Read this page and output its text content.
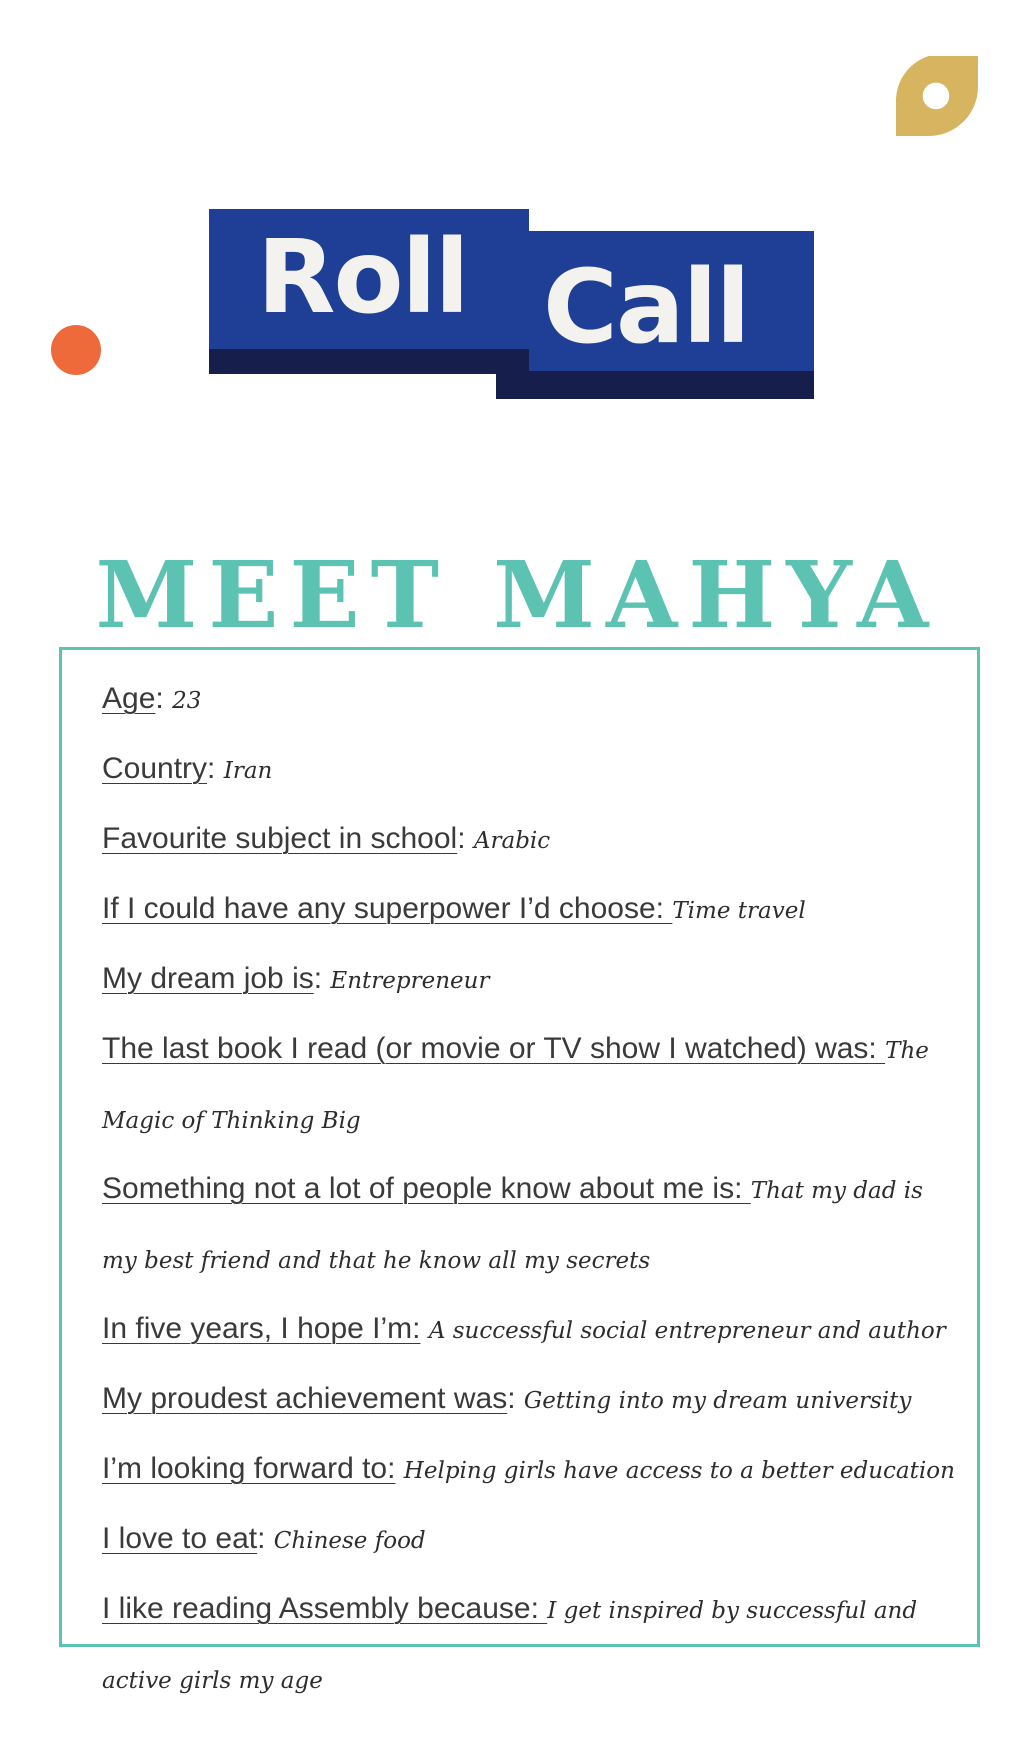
Roll Call
MEET MAHYA
Age: 23
Country: Iran
Favourite subject in school: Arabic
If I could have any superpower I’d choose: Time travel
My dream job is: Entrepreneur
The last book I read (or movie or TV show I watched) was: The Magic of Thinking Big
Something not a lot of people know about me is: That my dad is my best friend and that he know all my secrets
In five years, I hope I’m: A successful social entrepreneur and author
My proudest achievement was: Getting into my dream university
I’m looking forward to: Helping girls have access to a better education
I love to eat: Chinese food
I like reading Assembly because: I get inspired by successful and active girls my age
